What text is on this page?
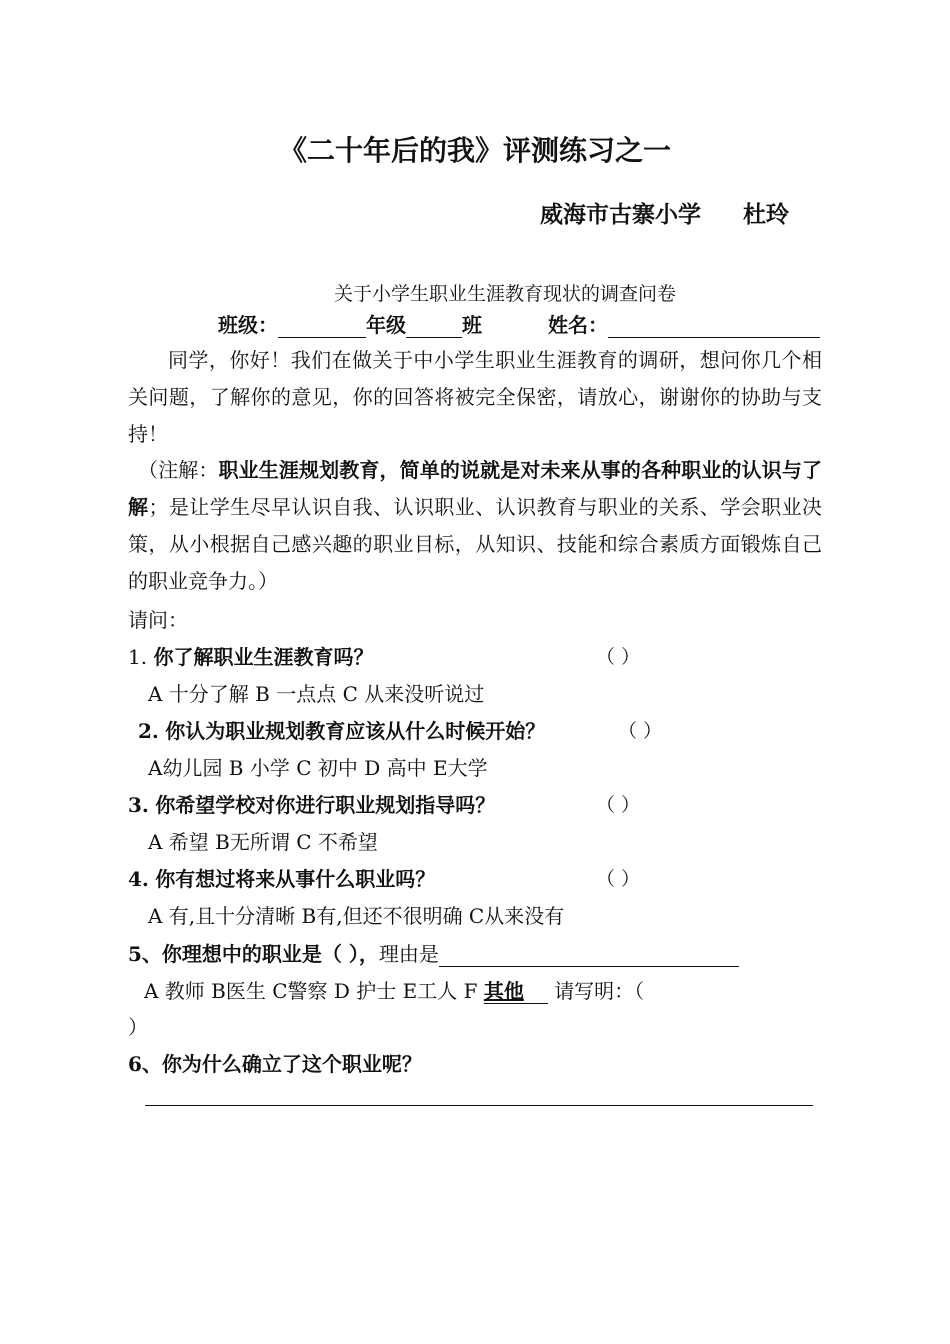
《二十年后的我》评测练习之一
威海市古寨小学 杜玲
关于小学生职业生涯教育现状的调查问卷
班级：	年级	班	姓名：
同学，你好！我们在做关于中小学生职业生涯教育的调研，想问你几个相关问题，了解你的意见，你的回答将被完全保密，请放心，谢谢你的协助与支持！
（注解：职业生涯规划教育，简单的说就是对未来从事的各种职业的认识与了解；是让学生尽早认识自我、认识职业、认识教育与职业的关系、学会职业决策，从小根据自己感兴趣的职业目标，从知识、技能和综合素质方面锻炼自己的职业竞争力。）
请问：
1. 你了解职业生涯教育吗？	（ ）
A 十分了解 B 一点点 C 从来没听说过
2. 你认为职业规划教育应该从什么时候开始？	（ ）
A幼儿园 B 小学 C 初中 D 高中 E大学
3. 你希望学校对你进行职业规划指导吗？	（ ）
A 希望 B无所谓 C 不希望
4. 你有想过将来从事什么职业吗？	（ ）
A 有,且十分清晰 B有,但还不很明确 C从来没有
5、你理想中的职业是（ ），理由是
A 教师 B医生 C警察 D 护士 E工人 F 其他 请写明：（
）
6、你为什么确立了这个职业呢？
